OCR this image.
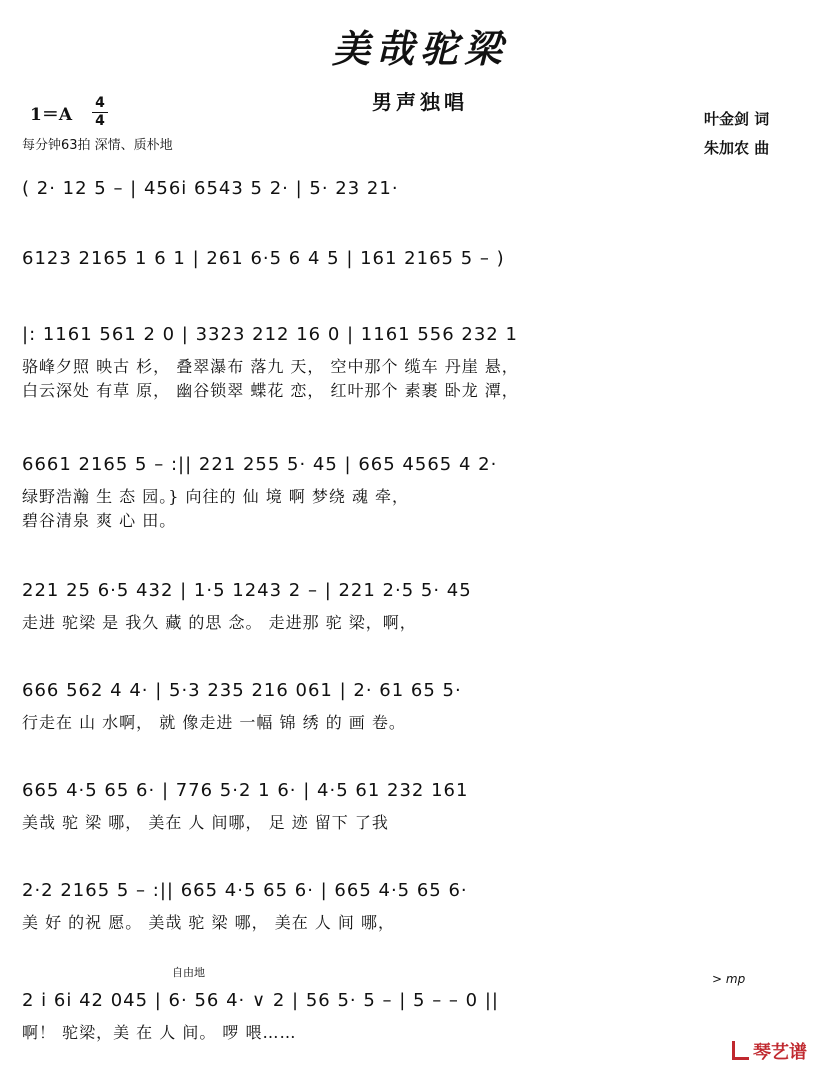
美哉驼梁
男声独唱
1＝A
4
4
每分钟63拍 深情、质朴地
叶金剑 词
朱加农 曲
( 2· 12 5 – | 456i 6543 5 2· | 5· 23 21·
6123 2165 1 6 1 | 261 6·5 6 4 5 | 161 2165 5 – )
|: 1161 561 2 0 | 3323 212 16 0 | 1161 556 232 1
骆峰夕照 映古 杉， 叠翠瀑布 落九 天， 空中那个 缆车 丹崖 悬，
白云深处 有草 原， 幽谷锁翠 蝶花 恋， 红叶那个 素裹 卧龙 潭，
6661 2165 5 – :|| 221 255 5· 45 | 665 4565 4 2·
绿野浩瀚 生 态 园。} 向往的 仙 境 啊 梦绕 魂 牵，
碧谷清泉 爽 心 田。
221 25 6·5 432 | 1·5 1243 2 – | 221 2·5 5· 45
走进 驼梁 是 我久 藏 的思 念。 走进那 驼 梁，啊，
666 562 4 4· | 5·3 235 216 061 | 2· 61 65 5·
行走在 山 水啊， 就 像走进 一幅 锦 绣 的 画 卷。
665 4·5 65 6· | 776 5·2 1 6· | 4·5 61 232 161
美哉 驼 梁 哪， 美在 人 间哪， 足 迹 留下 了我
2·2 2165 5 – :|| 665 4·5 65 6· | 665 4·5 65 6·
美 好 的祝 愿。 美哉 驼 梁 哪， 美在 人 间 哪，
2 i 6i 42 045 | 6· 56 4· ∨ 2 | 56 5· 5 – | 5 – – 0 ||
啊！ 驼梁，美 在 人 间。 啰 喂……
自由地	> mp
琴艺谱
